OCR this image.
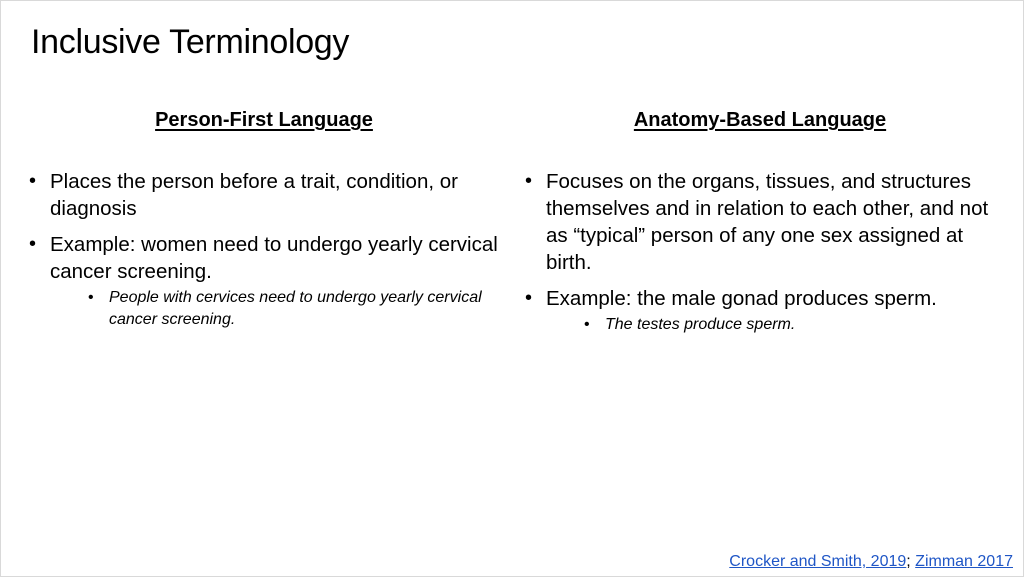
Inclusive Terminology
Person-First Language
• Places the person before a trait, condition, or diagnosis
• Example: women need to undergo yearly cervical cancer screening.
• People with cervices need to undergo yearly cervical cancer screening.
Anatomy-Based Language
• Focuses on the organs, tissues, and structures themselves and in relation to each other, and not as “typical” person of any one sex assigned at birth.
• Example: the male gonad produces sperm.
• The testes produce sperm.
Crocker and Smith, 2019; Zimman 2017
